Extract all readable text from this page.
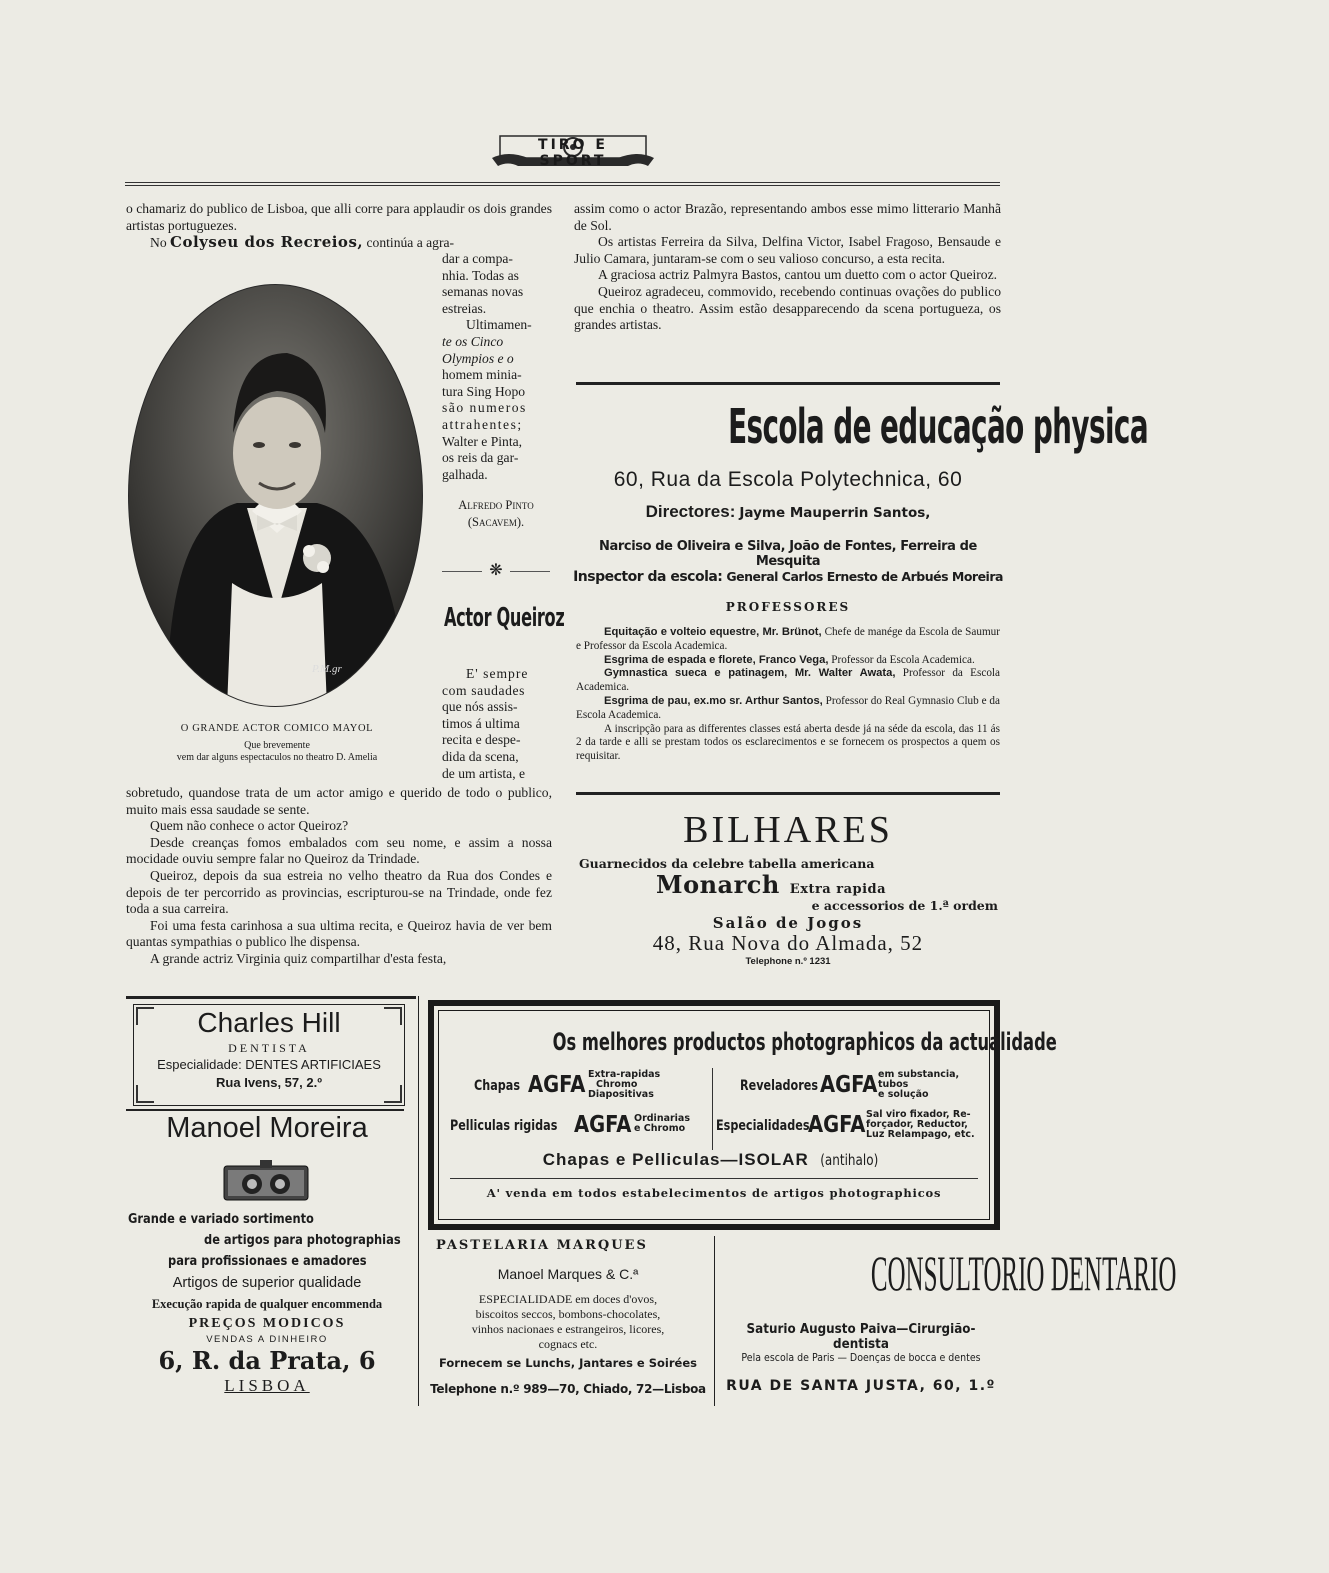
TIRO E SPORT

o chamariz do publico de Lisboa, que alli corre para applaudir os dois grandes artistas portuguezes.

No Colyseu dos Recreios, continúa a agra-

dar a compa-
nhia. Todas as
semanas novas
estreias.
Ultimamen-
te os Cinco
Olympios e o
homem minia-
tura Sing Hopo
são numeros
attrahentes;
Walter e Pinta,
os reis da gar-
galhada.
Alfredo Pinto
(Sacavem).
❋
Actor Queiroz
E' sempre
com saudades
que nós assis-
timos á ultima
recita e despe-
dida da scena,
de um artista, e
P.M.gr
O GRANDE ACTOR COMICO MAYOL
Que brevemente
vem dar alguns espectaculos no theatro D. Amelia

sobretudo, quandose trata de um actor amigo e querido de todo o publico, muito mais essa saudade se sente.

Quem não conhece o actor Queiroz?

Desde creanças fomos embalados com seu nome, e assim a nossa mocidade ouviu sempre falar no Queiroz da Trindade.

Queiroz, depois da sua estreia no velho theatro da Rua dos Condes e depois de ter percorrido as provincias, escripturou-se na Trindade, onde fez toda a sua carreira.

Foi uma festa carinhosa a sua ultima recita, e Queiroz havia de ver bem quantas sympathias o publico lhe dispensa.

A grande actriz Virginia quiz compartilhar d'esta festa,

assim como o actor Brazão, representando ambos esse mimo litterario Manhã de Sol.

Os artistas Ferreira da Silva, Delfina Victor, Isabel Fragoso, Bensaude e Julio Camara, juntaram-se com o seu valioso concurso, a esta recita.

A graciosa actriz Palmyra Bastos, cantou um duetto com o actor Queiroz.

Queiroz agradeceu, commovido, recebendo continuas ovações do publico que enchia o theatro. Assim estão desapparecendo da scena portugueza, os grandes artistas.

Escola de educação physica
60, Rua da Escola Polytechnica, 60
Directores: Jayme Mauperrin Santos,
Narciso de Oliveira e Silva, João de Fontes, Ferreira de Mesquita
Inspector da escola: General Carlos Ernesto de Arbués Moreira
PROFESSORES

Equitação e volteio equestre, Mr. Brünot, Chefe de manége da Escola de Saumur e Professor da Escola Academica.

Esgrima de espada e florete, Franco Vega, Professor da Escola Academica.

Gymnastica sueca e patinagem, Mr. Walter Awata, Professor da Escola Academica.

Esgrima de pau, ex.mo sr. Arthur Santos, Professor do Real Gymnasio Club e da Escola Academica.

A inscripção para as differentes classes está aberta desde já na séde da escola, das 11 ás 2 da tarde e alli se prestam todos os esclarecimentos e se fornecem os prospectos a quem os requisitar.

BILHARES
Guarnecidos da celebre tabella americana
Monarch Extra rapida
e accessorios de 1.ª ordem
Salão de Jogos
48, Rua Nova do Almada, 52
Telephone n.º 1231
Charles Hill
DENTISTA
Especialidade: DENTES ARTIFICIAES
Rua Ivens, 57, 2.º
Manoel Moreira
Grande e variado sortimento
de artigos para photographias
para profissionaes e amadores
Artigos de superior qualidade
Execução rapida de qualquer encommenda
PREÇOS MODICOS
VENDAS A DINHEIRO
6, R. da Prata, 6
LISBOA
Os melhores productos photographicos da actualidade
Chapas AGFA Extra-rapidas
Chromo
Diapositivas
Reveladores AGFA em substancia,
tubos
e solução
Pelliculas rigidas AGFA Ordinarias
e Chromo	Especialidades
AGFA Sal viro fixador, Re-
forçador, Reductor,
Luz Relampago, etc.
Chapas e Pelliculas—ISOLAR (antihalo)
A' venda em todos estabelecimentos de artigos photographicos
PASTELARIA MARQUES
Manoel Marques & C.ª
ESPECIALIDADE em doces d'ovos,
biscoitos seccos, bombons-chocolates,
vinhos nacionaes e estrangeiros, licores,
cognacs etc.
Fornecem se Lunchs, Jantares e Soirées
Telephone n.º 989—70, Chiado, 72—Lisboa
CONSULTORIO DENTARIO
Saturio Augusto Paiva—Cirurgião-dentista
Pela escola de Paris — Doenças de bocca e dentes
RUA DE SANTA JUSTA, 60, 1.º
